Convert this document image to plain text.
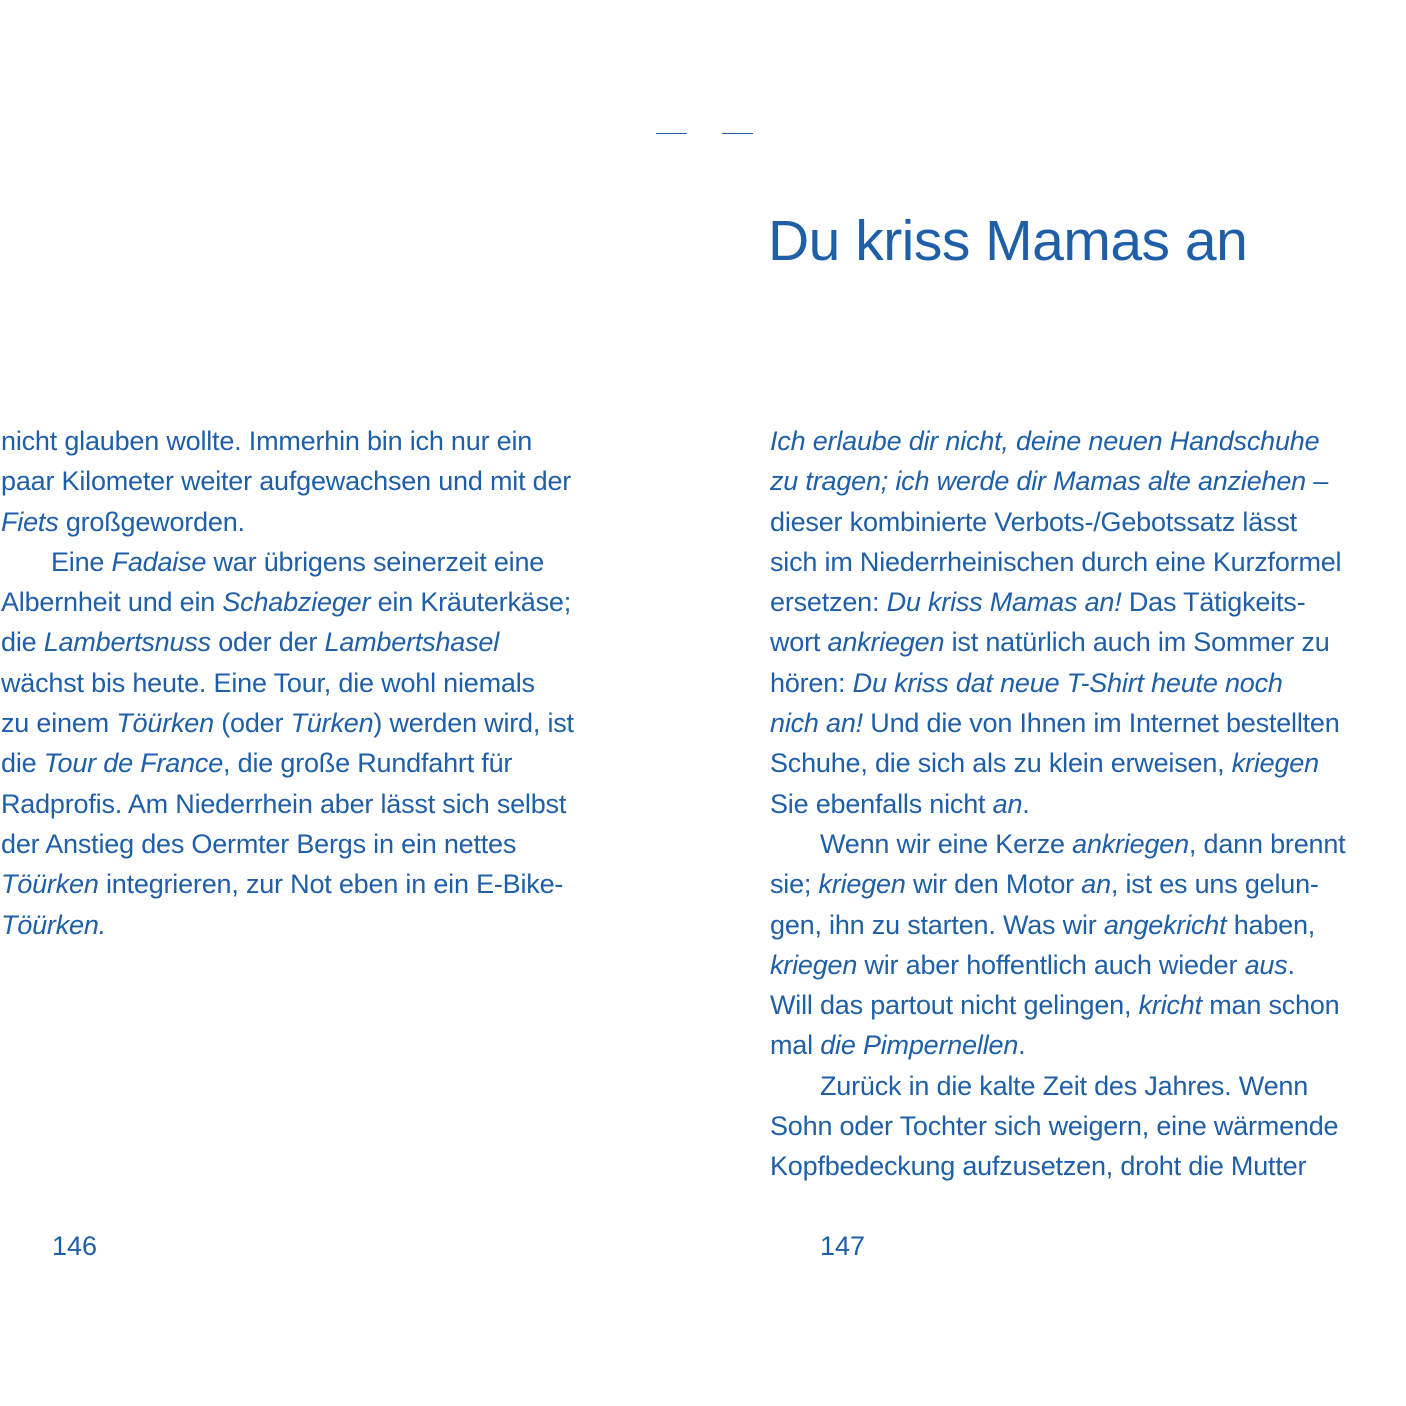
Du kriss Mamas an
nicht glauben wollte. Immerhin bin ich nur ein
paar Kilometer weiter aufgewachsen und mit der
Fiets großgeworden.
Eine Fadaise war übrigens seinerzeit eine
Albernheit und ein Schabzieger ein Kräuterkäse;
die Lambertsnuss oder der Lambertshasel
wächst bis heute. Eine Tour, die wohl niemals
zu einem Töürken (oder Türken) werden wird, ist
die Tour de France, die große Rundfahrt für
Radprofis. Am Niederrhein aber lässt sich selbst
der Anstieg des Oermter Bergs in ein nettes
Töürken integrieren, zur Not eben in ein E-Bike-
Töürken.
Ich erlaube dir nicht, deine neuen Handschuhe
zu tragen; ich werde dir Mamas alte anziehen –
dieser kombinierte Verbots-/Gebotssatz lässt
sich im Niederrheinischen durch eine Kurzformel
ersetzen: Du kriss Mamas an! Das Tätigkeits-
wort ankriegen ist natürlich auch im Sommer zu
hören: Du kriss dat neue T-Shirt heute noch
nich an! Und die von Ihnen im Internet bestellten
Schuhe, die sich als zu klein erweisen, kriegen
Sie ebenfalls nicht an.
Wenn wir eine Kerze ankriegen, dann brennt
sie; kriegen wir den Motor an, ist es uns gelun-
gen, ihn zu starten. Was wir angekricht haben,
kriegen wir aber hoffentlich auch wieder aus.
Will das partout nicht gelingen, kricht man schon
mal die Pimpernellen.
Zurück in die kalte Zeit des Jahres. Wenn
Sohn oder Tochter sich weigern, eine wärmende
Kopfbedeckung aufzusetzen, droht die Mutter
146	147
